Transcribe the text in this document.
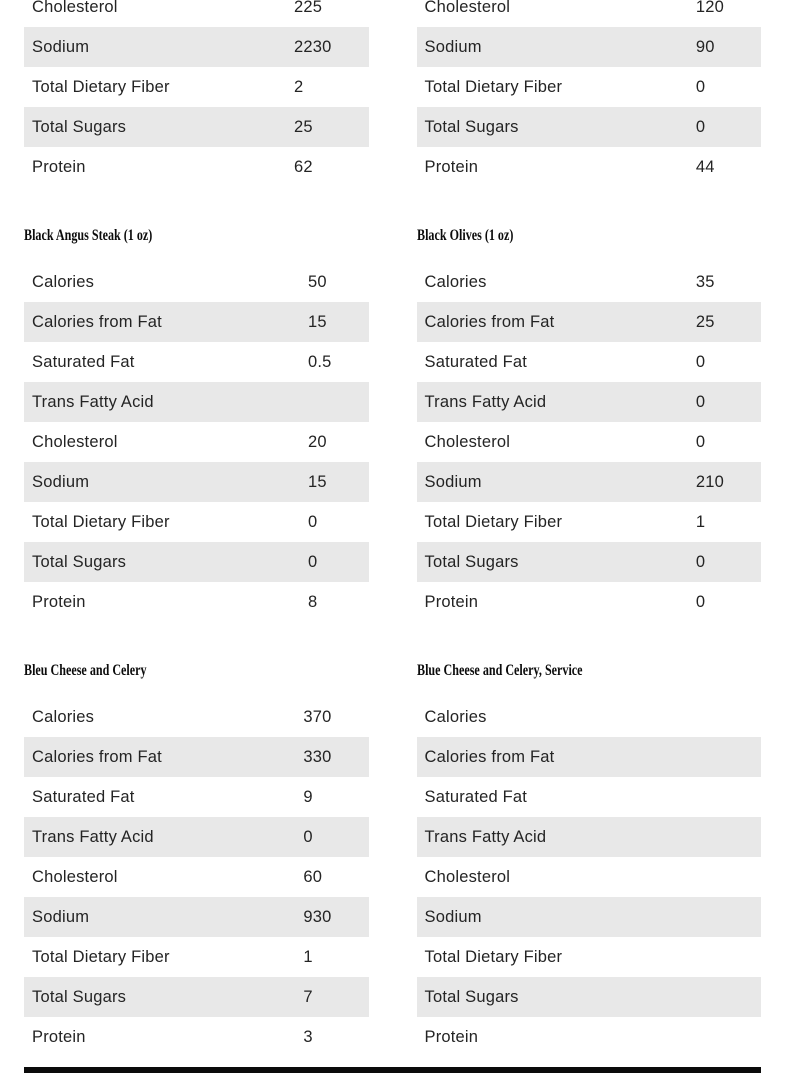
Cholesterol	225
Sodium	2230
Total Dietary Fiber	2
Total Sugars	25
Protein	62
Cholesterol	120
Sodium	90
Total Dietary Fiber	0
Total Sugars	0
Protein	44
Black Angus Steak (1 oz)
Calories	50
Calories from Fat	15
Saturated Fat	0.5
Trans Fatty Acid	
Cholesterol	20
Sodium	15
Total Dietary Fiber	0
Total Sugars	0
Protein	8
Black Olives (1 oz)
Calories	35
Calories from Fat	25
Saturated Fat	0
Trans Fatty Acid	0
Cholesterol	0
Sodium	210
Total Dietary Fiber	1
Total Sugars	0
Protein	0
Bleu Cheese and Celery
Calories	370
Calories from Fat	330
Saturated Fat	9
Trans Fatty Acid	0
Cholesterol	60
Sodium	930
Total Dietary Fiber	1
Total Sugars	7
Protein	3
Blue Cheese and Celery, Service
Calories	
Calories from Fat	
Saturated Fat	
Trans Fatty Acid	
Cholesterol	
Sodium	
Total Dietary Fiber	
Total Sugars	
Protein	
